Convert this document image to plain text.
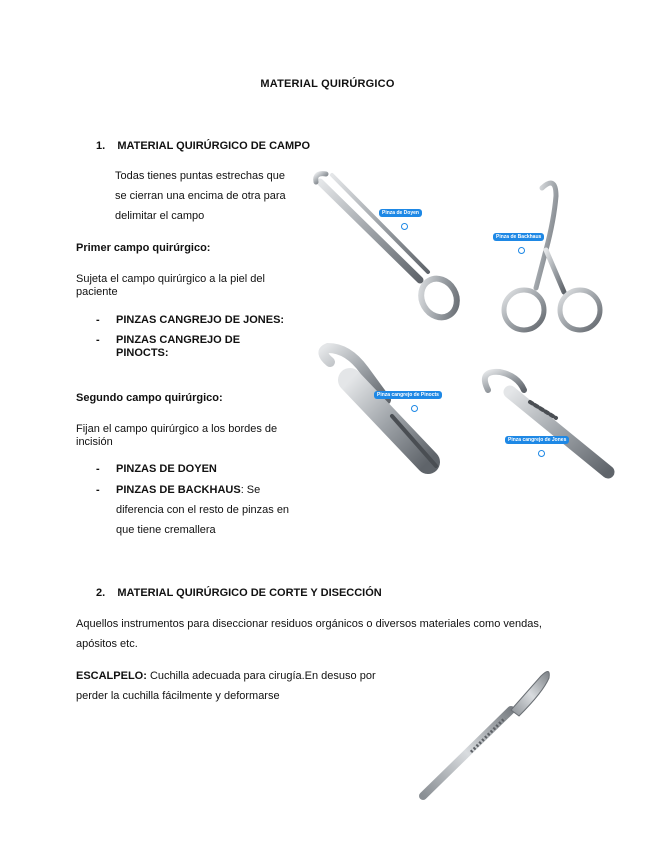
MATERIAL QUIRÚRGICO
1. MATERIAL QUIRÚRGICO DE CAMPO
Todas tienes puntas estrechas que
se cierran una encima de otra para
delimitar el campo
Primer campo quirúrgico:
Sujeta el campo quirúrgico a la piel del
paciente
- PINZAS CANGREJO DE JONES:
- PINZAS CANGREJO DE
PINOCTS:
Segundo campo quirúrgico:
Fijan el campo quirúrgico a los bordes de
incisión
- PINZAS DE DOYEN
- PINZAS DE BACKHAUS: Se
diferencia con el resto de pinzas en
que tiene cremallera
Pinza de Doyen
Pinza de Backhaus
Pinza cangrejo de Pinocts
Pinza cangrejo de Jones
2. MATERIAL QUIRÚRGICO DE CORTE Y DISECCIÓN
Aquellos instrumentos para diseccionar residuos orgánicos o diversos materiales como vendas,
apósitos etc.
ESCALPELO: Cuchilla adecuada para cirugía.En desuso por
perder la cuchilla fácilmente y deformarse
